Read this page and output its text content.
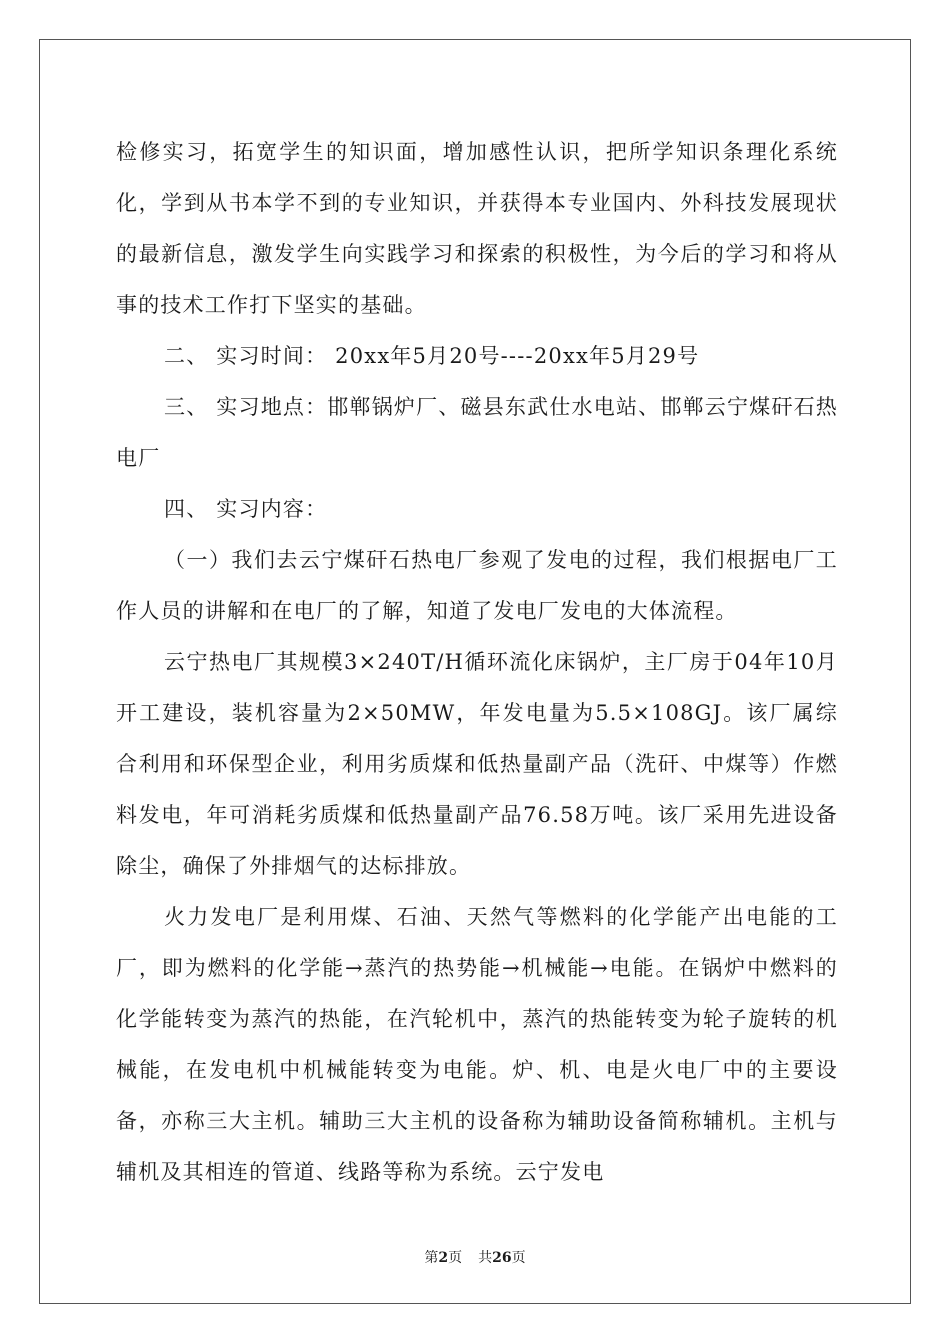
检修实习，拓宽学生的知识面，增加感性认识，把所学知识条理化系统化，学到从书本学不到的专业知识，并获得本专业国内、外科技发展现状的最新信息，激发学生向实践学习和探索的积极性，为今后的学习和将从事的技术工作打下坚实的基础。

二、 实习时间： 20xx年5月20号----20xx年5月29号

三、 实习地点：邯郸锅炉厂、磁县东武仕水电站、邯郸云宁煤矸石热电厂

四、 实习内容：

（一）我们去云宁煤矸石热电厂参观了发电的过程，我们根据电厂工作人员的讲解和在电厂的了解，知道了发电厂发电的大体流程。

云宁热电厂其规模3×240T/H循环流化床锅炉，主厂房于04年10月开工建设，装机容量为2×50MW，年发电量为5.5×108GJ。该厂属综合利用和环保型企业，利用劣质煤和低热量副产品（洗矸、中煤等）作燃料发电，年可消耗劣质煤和低热量副产品76.58万吨。该厂采用先进设备除尘，确保了外排烟气的达标排放。

火力发电厂是利用煤、石油、天然气等燃料的化学能产出电能的工厂，即为燃料的化学能→蒸汽的热势能→机械能→电能。在锅炉中燃料的化学能转变为蒸汽的热能，在汽轮机中，蒸汽的热能转变为轮子旋转的机械能，在发电机中机械能转变为电能。炉、机、电是火电厂中的主要设备，亦称三大主机。辅助三大主机的设备称为辅助设备简称辅机。主机与辅机及其相连的管道、线路等称为系统。云宁发电

第2页 共26页
